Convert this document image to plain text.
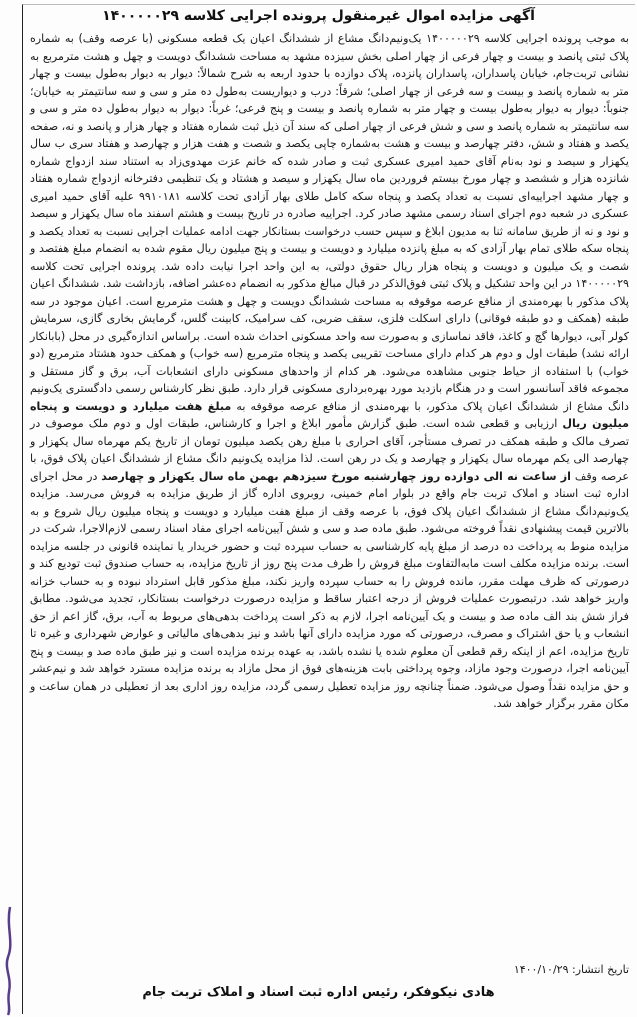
آگهی مزایده اموال غیرمنقول پرونده اجرایی کلاسه ۱۴۰۰۰۰۰۲۹
به موجب پرونده اجرایی کلاسه ۱۴۰۰۰۰۰۲۹ یک‌ونیم‌دانگ مشاع از ششدانگ اعیان یک قطعه مسکونی (با عرصه وقف) به شماره پلاک ثبتی پانصد و بیست و چهار فرعی از چهار اصلی بخش سیزده مشهد به مساحت ششدانگ دویست و چهل و هشت مترمربع به نشانی تربت‌جام، خیابان پاسداران، پاسداران پانزده، پلاک دوازده با حدود اربعه به شرح شمالاً: دیوار به دیوار به‌طول بیست و چهار متر به شماره پانصد و بیست و سه فرعی از چهار اصلی؛ شرقاً: درب و دیواریست به‌طول ده متر و سی و سه سانتیمتر به خیابان؛ جنوباً: دیوار به دیوار به‌طول بیست و چهار متر به شماره پانصد و بیست و پنج فرعی؛ غرباً: دیوار به دیوار به‌طول ده متر و سی و سه سانتیمتر به شماره پانصد و سی و شش فرعی از چهار اصلی که سند آن ذیل ثبت شماره هفتاد و چهار هزار و پانصد و نه، صفحه یکصد و هفتاد و شش، دفتر چهارصد و بیست و هشت به‌شماره چاپی یکصد و شصت و هفت هزار و چهارصد و هفتاد سری ب سال یکهزار و سیصد و نود به‌نام آقای حمید امیری عسکری ثبت و صادر شده که خانم عزت مهدوی‌زاد به استناد سند ازدواج شماره شانزده هزار و ششصد و چهار مورخ بیستم فروردین ماه سال یکهزار و سیصد و هشتاد و یک تنظیمی دفترخانه ازدواج شماره هفتاد و چهار مشهد اجراییه‌ای نسبت به تعداد یکصد و پنجاه سکه کامل طلای بهار آزادی تحت کلاسه ۹۹۱۰۱۸۱ علیه آقای حمید امیری عسکری در شعبه دوم اجرای اسناد رسمی مشهد صادر کرد. اجراییه صادره در تاریخ بیست و هشتم اسفند ماه سال یکهزار و سیصد و نود و نه از طریق سامانه ثنا به مدیون ابلاغ و سپس حسب درخواست بستانکار جهت ادامه عملیات اجرایی نسبت به تعداد یکصد و پنجاه سکه طلای تمام بهار آزادی که به مبلغ پانزده میلیارد و دویست و بیست و پنج میلیون ریال مقوم شده به انضمام مبلغ هفتصد و شصت و یک میلیون و دویست و پنجاه هزار ریال حقوق دولتی، به این واحد اجرا نیابت داده شد. پرونده اجرایی تحت کلاسه ۱۴۰۰۰۰۰۲۹ در این واحد تشکیل و پلاک ثبتی فوق‌الذکر در قبال مبالغ مذکور به انضمام ده‌عشر اضافه، بازداشت شد. ششدانگ اعیان پلاک مذکور با بهره‌مندی از منافع عرصه موقوفه به مساحت ششدانگ دویست و چهل و هشت مترمربع است. اعیان موجود در سه طبقه (همکف و دو طبقه فوقانی) دارای اسکلت فلزی، سقف ضربی، کف سرامیک، کابینت گلس، گرمایش بخاری گازی، سرمایش کولر آبی، دیوارها گچ و کاغذ، فاقد نماسازی و به‌صورت سه واحد مسکونی احداث شده است. براساس اندازه‌گیری در محل (بابانکار ارائه نشد) طبقات اول و دوم هر کدام دارای مساحت تقریبی یکصد و پنجاه مترمربع (سه خواب) و همکف حدود هشتاد مترمربع (دو خواب) با استفاده از حیاط جنوبی مشاهده می‌شود. هر کدام از واحدهای مسکونی دارای انشعابات آب، برق و گاز مستقل و مجموعه فاقد آسانسور است و در هنگام بازدید مورد بهره‌برداری مسکونی قرار دارد. طبق نظر کارشناس رسمی دادگستری یک‌ونیم دانگ مشاع از ششدانگ اعیان پلاک مذکور، با بهره‌مندی از منافع عرصه موقوفه به مبلغ هفت میلیارد و دویست و پنجاه میلیون ریال ارزیابی و قطعی شده است. طبق گزارش مأمور ابلاغ و اجرا و کارشناس، طبقات اول و دوم ملک موصوف در تصرف مالک و طبقه همکف در تصرف مستأجر، آقای احراری با مبلغ رهن یکصد میلیون تومان از تاریخ یکم مهرماه سال یکهزار و چهارصد الی یکم مهرماه سال یکهزار و چهارصد و یک در رهن است. لذا مزایده یک‌ونیم دانگ مشاع از ششدانگ اعیان پلاک فوق، با عرصه وقف از ساعت نه الی دوازده روز چهارشنبه مورخ سیزدهم بهمن ماه سال یکهزار و چهارصد در محل اجرای اداره ثبت اسناد و املاک تربت جام واقع در بلوار امام خمینی، روبروی اداره گاز از طریق مزایده به فروش می‌رسد. مزایده یک‌ونیم‌دانگ مشاع از ششدانگ اعیان پلاک فوق، با عرصه وقف از مبلغ هفت میلیارد و دویست و پنجاه میلیون ریال شروع و به بالاترین قیمت پیشنهادی نقداً فروخته می‌شود. طبق ماده صد و سی و شش آیین‌نامه اجرای مفاد اسناد رسمی لازم‌الاجرا، شرکت در مزایده منوط به پرداخت ده درصد از مبلغ پایه کارشناسی به حساب سپرده ثبت و حضور خریدار یا نماینده قانونی در جلسه مزایده است. برنده مزایده مکلف است مابه‌التفاوت مبلغ فروش را ظرف مدت پنج روز از تاریخ مزایده، به حساب صندوق ثبت تودیع کند و درصورتی که ظرف مهلت مقرر، مانده فروش را به حساب سپرده واریز نکند، مبلغ مذکور قابل استرداد نبوده و به حساب خزانه واریز خواهد شد. درتبصورت عملیات فروش از درجه اعتبار ساقط و مزایده درصورت درخواست بستانکار، تجدید می‌شود. مطابق فراز شش بند الف ماده صد و بیست و یک آیین‌نامه اجرا، لازم به ذکر است پرداخت بدهی‌های مربوط به آب، برق، گاز اعم از حق انشعاب و یا حق اشتراک و مصرف، درصورتی که مورد مزایده دارای آنها باشد و نیز بدهی‌های مالیاتی و عوارض شهرداری و غیره تا تاریخ مزایده، اعم از اینکه رقم قطعی آن معلوم شده یا نشده باشد، به عهده برنده مزایده است و نیز طبق ماده صد و بیست و پنج آیین‌نامه اجرا، درصورت وجود مازاد، وجوه پرداختی بابت هزینه‌های فوق از محل مازاد به برنده مزایده مسترد خواهد شد و نیم‌عشر و حق مزایده نقداً وصول می‌شود. ضمناً چنانچه روز مزایده تعطیل رسمی گردد، مزایده روز اداری بعد از تعطیلی در همان ساعت و مکان مقرر برگزار خواهد شد.
تاریخ انتشار: ۱۴۰۰/۱۰/۲۹
هادی نیکوفکر، رئیس اداره ثبت اسناد و املاک تربت جام
